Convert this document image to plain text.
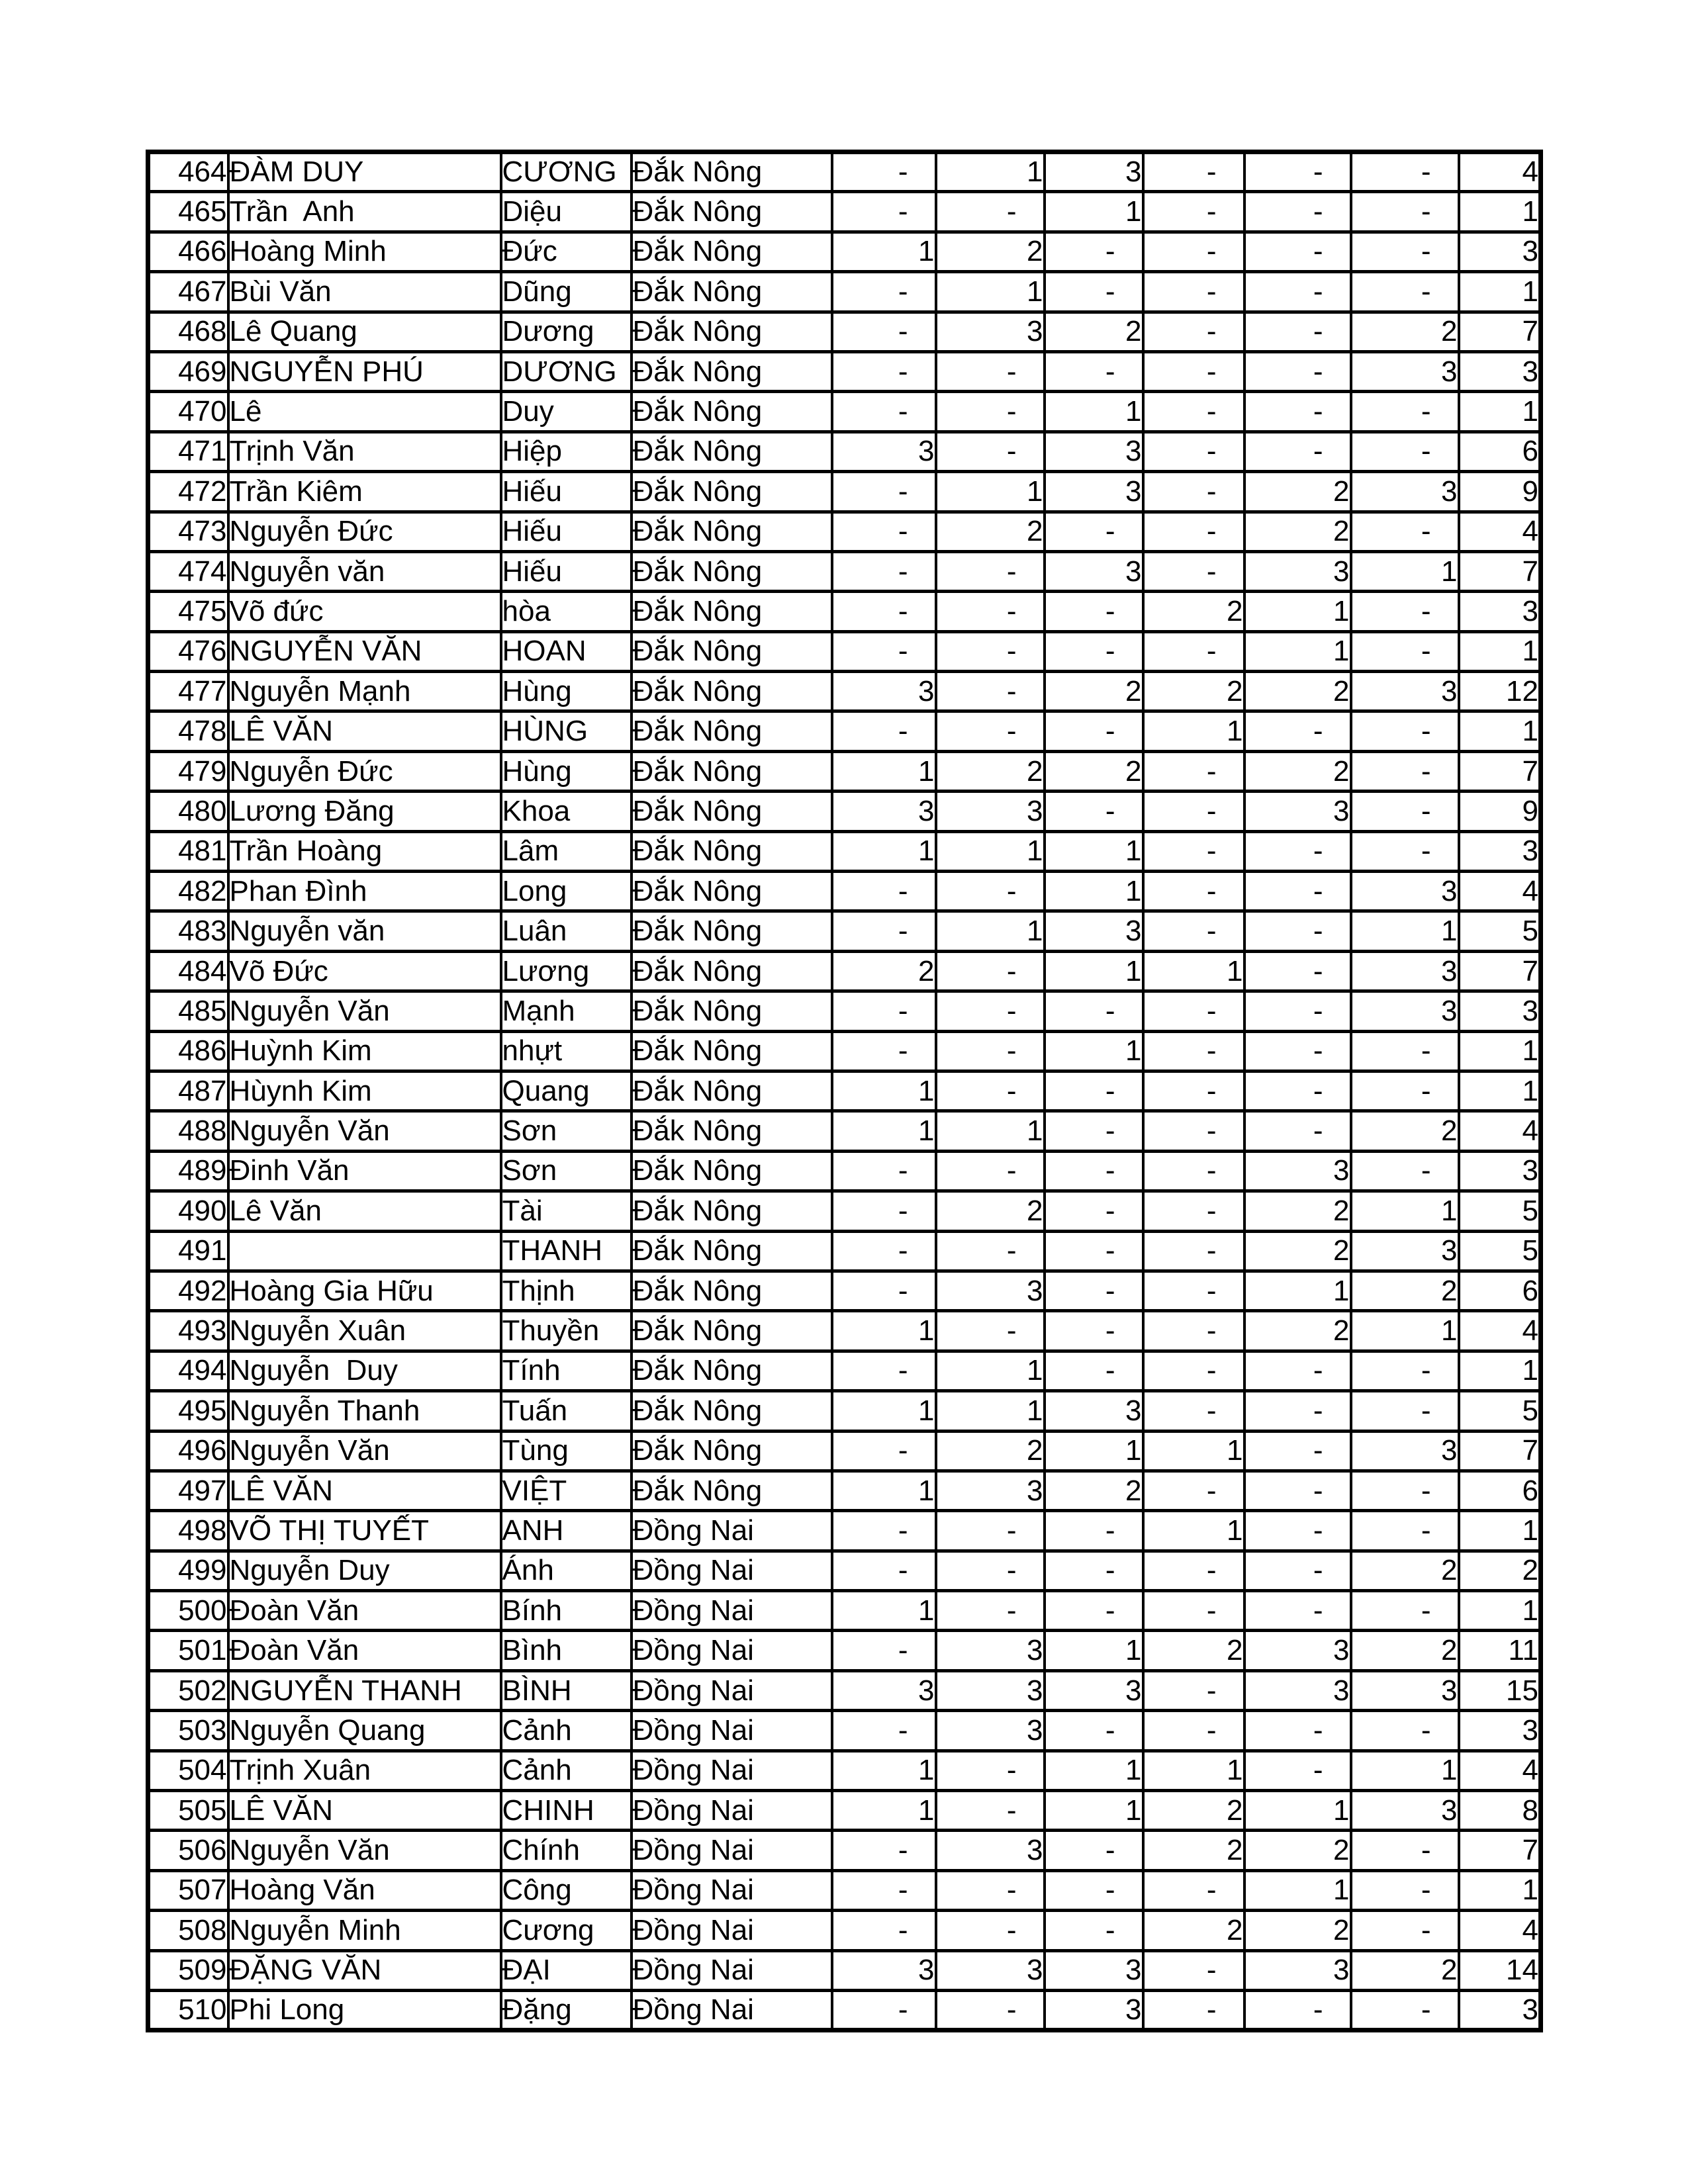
464	ĐÀM DUY	CƯƠNG	Đắk Nông	-	1	3	-	-	-	4
465	Trần  Anh	Diệu	Đắk Nông	-	-	1	-	-	-	1
466	Hoàng Minh	Đức	Đắk Nông	1	2	-	-	-	-	3
467	Bùi Văn	Dũng	Đắk Nông	-	1	-	-	-	-	1
468	Lê Quang	Dương	Đắk Nông	-	3	2	-	-	2	7
469	NGUYỄN PHÚ	DƯƠNG	Đắk Nông	-	-	-	-	-	3	3
470	Lê	Duy	Đắk Nông	-	-	1	-	-	-	1
471	Trịnh Văn	Hiệp	Đắk Nông	3	-	3	-	-	-	6
472	Trần Kiêm	Hiếu	Đắk Nông	-	1	3	-	2	3	9
473	Nguyễn Đức	Hiếu	Đắk Nông	-	2	-	-	2	-	4
474	Nguyễn văn	Hiếu	Đắk Nông	-	-	3	-	3	1	7
475	Võ đức	hòa	Đắk Nông	-	-	-	2	1	-	3
476	NGUYỄN VĂN	HOAN	Đắk Nông	-	-	-	-	1	-	1
477	Nguyễn Mạnh	Hùng	Đắk Nông	3	-	2	2	2	3	12
478	LÊ VĂN	HÙNG	Đắk Nông	-	-	-	1	-	-	1
479	Nguyễn Đức	Hùng	Đắk Nông	1	2	2	-	2	-	7
480	Lương Đăng	Khoa	Đắk Nông	3	3	-	-	3	-	9
481	Trần Hoàng	Lâm	Đắk Nông	1	1	1	-	-	-	3
482	Phan Đình	Long	Đắk Nông	-	-	1	-	-	3	4
483	Nguyễn văn	Luân	Đắk Nông	-	1	3	-	-	1	5
484	Võ Đức	Lương	Đắk Nông	2	-	1	1	-	3	7
485	Nguyễn Văn	Mạnh	Đắk Nông	-	-	-	-	-	3	3
486	Huỳnh Kim	nhựt	Đắk Nông	-	-	1	-	-	-	1
487	Hùynh Kim	Quang	Đắk Nông	1	-	-	-	-	-	1
488	Nguyễn Văn	Sơn	Đắk Nông	1	1	-	-	-	2	4
489	Đinh Văn	Sơn	Đắk Nông	-	-	-	-	3	-	3
490	Lê Văn	Tài	Đắk Nông	-	2	-	-	2	1	5
491		THANH	Đắk Nông	-	-	-	-	2	3	5
492	Hoàng Gia Hữu	Thịnh	Đắk Nông	-	3	-	-	1	2	6
493	Nguyễn Xuân	Thuyền	Đắk Nông	1	-	-	-	2	1	4
494	Nguyễn  Duy	Tính	Đắk Nông	-	1	-	-	-	-	1
495	Nguyễn Thanh	Tuấn	Đắk Nông	1	1	3	-	-	-	5
496	Nguyễn Văn	Tùng	Đắk Nông	-	2	1	1	-	3	7
497	LÊ VĂN	VIỆT	Đắk Nông	1	3	2	-	-	-	6
498	VÕ THỊ TUYẾT	ANH	Đồng Nai	-	-	-	1	-	-	1
499	Nguyễn Duy	Ánh	Đồng Nai	-	-	-	-	-	2	2
500	Đoàn Văn	Bính	Đồng Nai	1	-	-	-	-	-	1
501	Đoàn Văn	Bình	Đồng Nai	-	3	1	2	3	2	11
502	NGUYỄN THANH	BÌNH	Đồng Nai	3	3	3	-	3	3	15
503	Nguyễn Quang	Cảnh	Đồng Nai	-	3	-	-	-	-	3
504	Trịnh Xuân	Cảnh	Đồng Nai	1	-	1	1	-	1	4
505	LÊ VĂN	CHINH	Đồng Nai	1	-	1	2	1	3	8
506	Nguyễn Văn	Chính	Đồng Nai	-	3	-	2	2	-	7
507	Hoàng Văn	Công	Đồng Nai	-	-	-	-	1	-	1
508	Nguyễn Minh	Cương	Đồng Nai	-	-	-	2	2	-	4
509	ĐẶNG VĂN	ĐẠI	Đồng Nai	3	3	3	-	3	2	14
510	Phi Long	Đặng	Đồng Nai	-	-	3	-	-	-	3
